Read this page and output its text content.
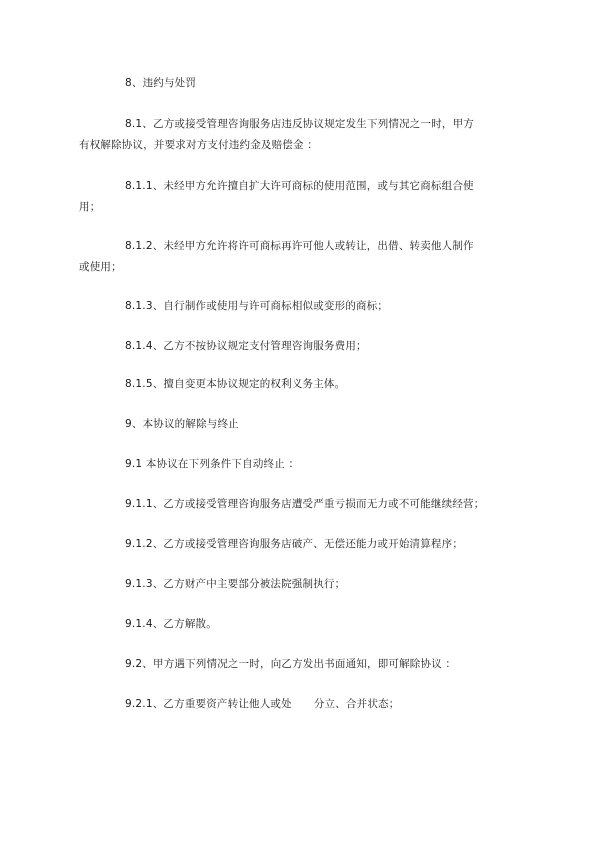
8、违约与处罚
8.1、乙方或接受管理咨询服务店违反协议规定发生下列情况之一时，甲方
有权解除协议，并要求对方支付违约金及赔偿金 ：
8.1.1、未经甲方允许擅自扩大许可商标的使用范围，或与其它商标组合使
用；
8.1.2、未经甲方允许将许可商标再许可他人或转让，出借、转卖他人制作
或使用；
8.1.3、自行制作或使用与许可商标相似或变形的商标；
8.1.4、乙方不按协议规定支付管理咨询服务费用；
8.1.5、擅自变更本协议规定的权利义务主体。
9、本协议的解除与终止
9.1 本协议在下列条件下自动终止 ：
9.1.1、乙方或接受管理咨询服务店遭受严重亏损而无力或不可能继续经营；
9.1.2、乙方或接受管理咨询服务店破产、无偿还能力或开始清算程序；
9.1.3、乙方财产中主要部分被法院强制执行；
9.1.4、乙方解散。
9.2、甲方遇下列情况之一时，向乙方发出书面通知，即可解除协议 ：
9.2.1、乙方重要资产转让他人或处 分立、合并状态；
